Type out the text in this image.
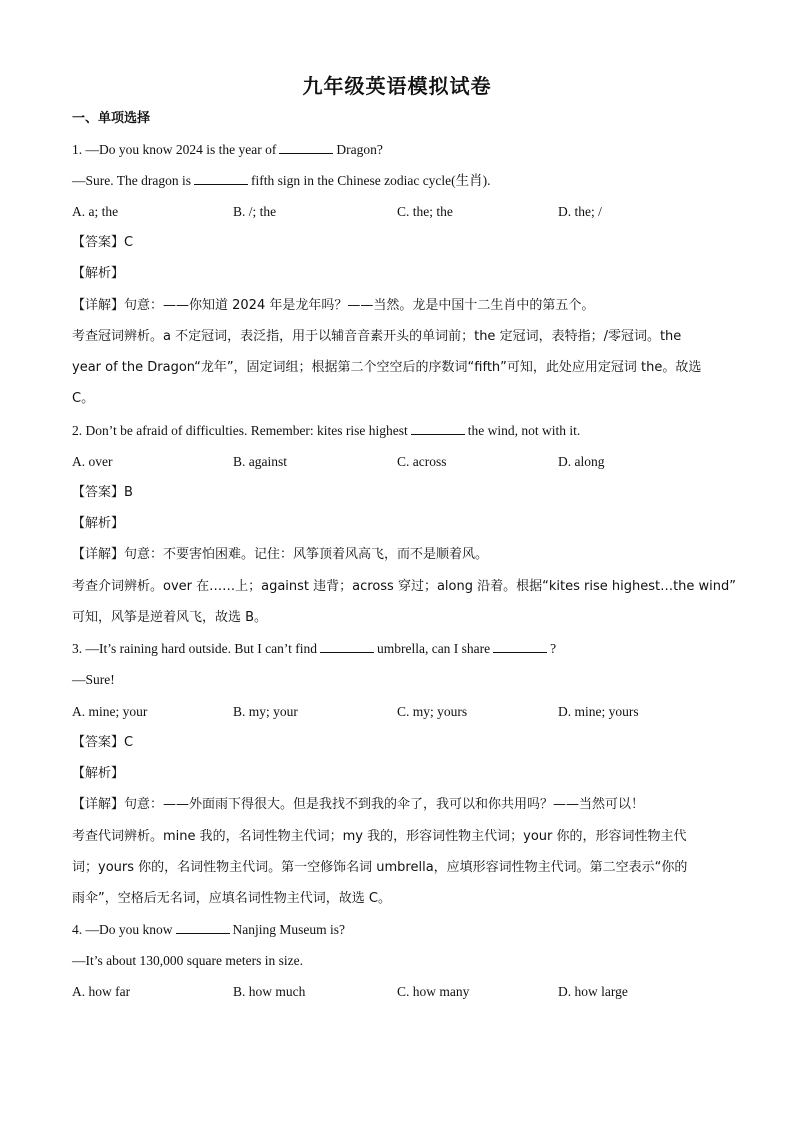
九年级英语模拟试卷
一、单项选择
1. —Do you know 2024 is the year of	Dragon?
—Sure. The dragon is	fifth sign in the Chinese zodiac cycle(生肖).
A. a; the	B. /; the	C. the; the	D. the; /
【答案】C
【解析】
【详解】句意：——你知道 2024 年是龙年吗？——当然。龙是中国十二生肖中的第五个。
考查冠词辨析。a 不定冠词，表泛指，用于以辅音音素开头的单词前；the 定冠词，表特指；/零冠词。the
year of the Dragon“龙年”，固定词组；根据第二个空空后的序数词“fifth”可知，此处应用定冠词 the。故选
C。
2. Don’t be afraid of difficulties. Remember: kites rise highest	the wind, not with it.
A. over	B. against	C. across	D. along
【答案】B
【解析】
【详解】句意：不要害怕困难。记住：风筝顶着风高飞，而不是顺着风。
考查介词辨析。over 在……上；against 违背；across 穿过；along 沿着。根据“kites rise highest…the wind”
可知，风筝是逆着风飞，故选 B。
3. —It’s raining hard outside. But I can’t find	umbrella, can I share	?
—Sure!
A. mine; your	B. my; your	C. my; yours	D. mine; yours
【答案】C
【解析】
【详解】句意：——外面雨下得很大。但是我找不到我的伞了，我可以和你共用吗？——当然可以！
考查代词辨析。mine 我的，名词性物主代词；my 我的，形容词性物主代词；your 你的，形容词性物主代
词；yours 你的，名词性物主代词。第一空修饰名词 umbrella，应填形容词性物主代词。第二空表示“你的
雨伞”，空格后无名词，应填名词性物主代词，故选 C。
4. —Do you know	Nanjing Museum is?
—It’s about 130,000 square meters in size.
A. how far	B. how much	C. how many	D. how large
